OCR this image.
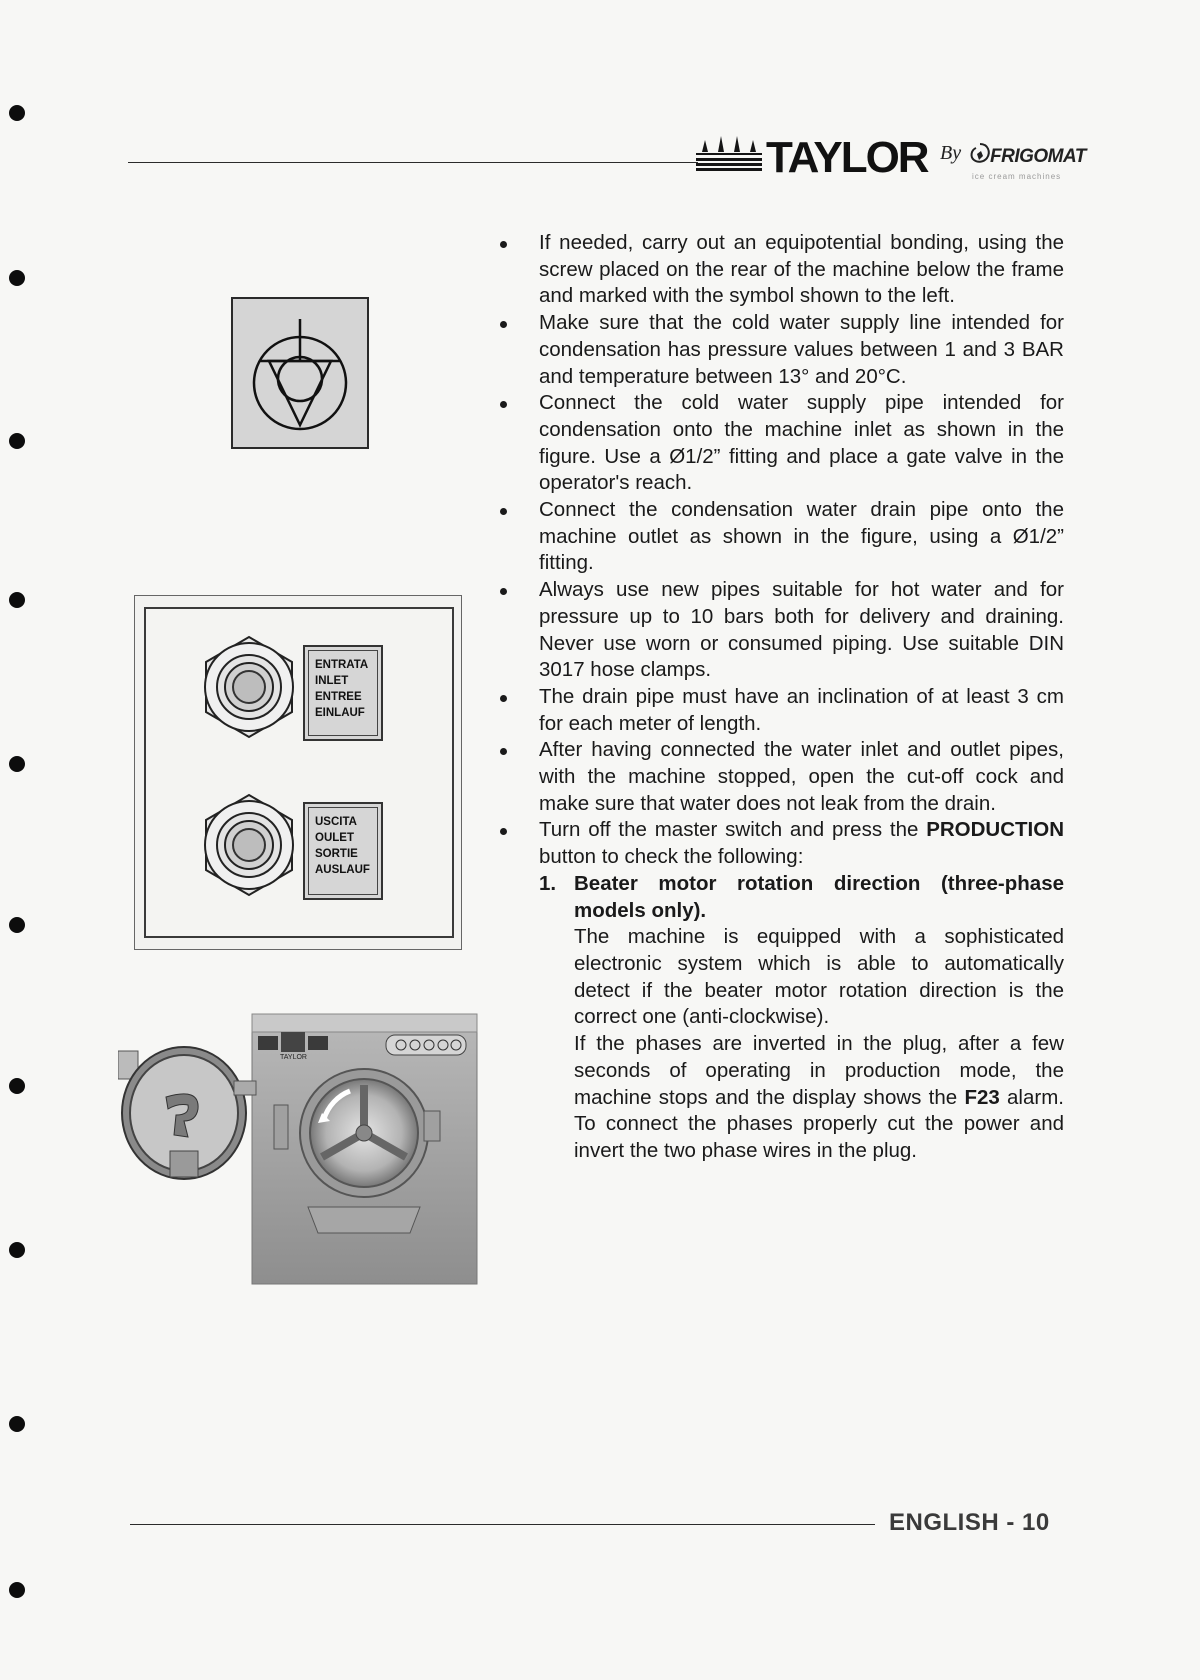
TAYLOR By FRIGOMAT
ice cream machines
ENTRATA
INLET
ENTREE
EINLAUF
USCITA
OULET
SORTIE
AUSLAUF
TAYLOR
If needed, carry out an equipotential bonding, using the screw placed on the rear of the machine below the frame and marked with the symbol shown to the left.
Make sure that the cold water supply line intended for condensation has pressure values between 1 and 3 BAR and temperature between 13° and 20°C.
Connect the cold water supply pipe intended for condensation onto the machine inlet as shown in the figure. Use a Ø1/2” fitting and place a gate valve in the operator's reach.
Connect the condensation water drain pipe onto the machine outlet as shown in the figure, using a Ø1/2” fitting.
Always use new pipes suitable for hot water and for pressure up to 10 bars both for delivery and draining. Never use worn or consumed piping. Use suitable DIN 3017 hose clamps.
The drain pipe must have an inclination of at least 3 cm for each meter of length.
After having connected the water inlet and outlet pipes, with the machine stopped, open the cut-off cock and make sure that water does not leak from the drain.
Turn off the master switch and press the PRODUCTION button to check the following:
1. Beater motor rotation direction (three-phase models only).
The machine is equipped with a sophisticated electronic system which is able to automatically detect if the beater motor rotation direction is the correct one (anti-clockwise).
If the phases are inverted in the plug, after a few seconds of operating in production mode, the machine stops and the display shows the F23 alarm. To connect the phases properly cut the power and invert the two phase wires in the plug.
ENGLISH - 10
